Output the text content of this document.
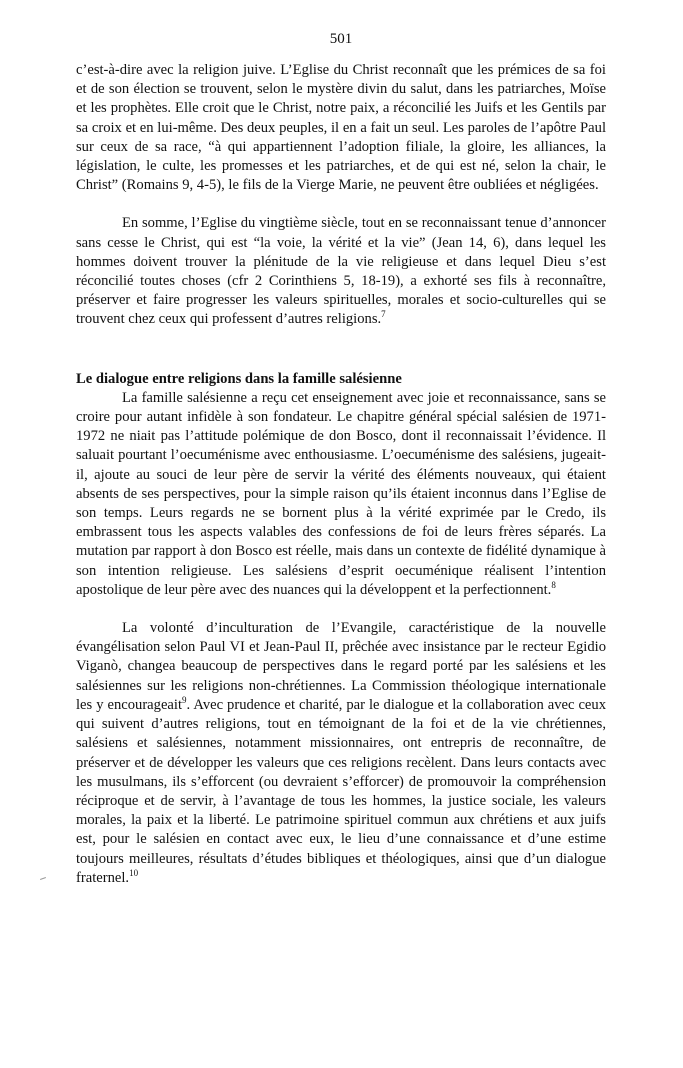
501

c’est-à-dire avec la religion juive. L’Eglise du Christ reconnaît que les prémices de sa foi et de son élection se trouvent, selon le mystère divin du salut, dans les patriarches, Moïse et les prophètes. Elle croit que le Christ, notre paix, a réconcilié les Juifs et les Gentils par sa croix et en lui-même. Des deux peuples, il en a fait un seul. Les paroles de l’apôtre Paul sur ceux de sa race, “à qui appartiennent l’adoption filiale, la gloire, les alliances, la législation, le culte, les promesses et les patriarches, et de qui est né, selon la chair, le Christ” (Romains 9, 4-5), le fils de la Vierge Marie, ne peuvent être oubliées et négligées.

En somme, l’Eglise du vingtième siècle, tout en se reconnaissant tenue d’annoncer sans cesse le Christ, qui est “la voie, la vérité et la vie” (Jean 14, 6), dans lequel les hommes doivent trouver la plénitude de la vie religieuse et dans lequel Dieu s’est réconcilié toutes choses (cfr 2 Corinthiens 5, 18-19), a exhorté ses fils à reconnaître, préserver et faire progresser les valeurs spirituelles, morales et socio-culturelles qui se trouvent chez ceux qui professent d’autres religions.$^7$

Le dialogue entre religions dans la famille salésienne

La famille salésienne a reçu cet enseignement avec joie et reconnaissance, sans se croire pour autant infidèle à son fondateur. Le chapitre général spécial salésien de 1971-1972 ne niait pas l’attitude polémique de don Bosco, dont il reconnaissait l’évidence. Il saluait pourtant l’oecuménisme avec enthousiasme. L’oecuménisme des salésiens, jugeait-il, ajoute au souci de leur père de servir la vérité des éléments nouveaux, qui étaient absents de ses perspectives, pour la simple raison qu’ils étaient inconnus dans l’Eglise de son temps. Leurs regards ne se bornent plus à la vérité exprimée par le Credo, ils embrassent tous les aspects valables des confessions de foi de leurs frères séparés. La mutation par rapport à don Bosco est réelle, mais dans un contexte de fidélité dynamique à son intention religieuse. Les salésiens d’esprit oecuménique réalisent l’intention apostolique de leur père avec des nuances qui la développent et la perfectionnent.$^8$

La volonté d’inculturation de l’Evangile, caractéristique de la nouvelle évangélisation selon Paul VI et Jean-Paul II, prêchée avec insistance par le recteur Egidio Viganò, changea beaucoup de perspectives dans le regard porté par les salésiens et les salésiennes sur les religions non-chrétiennes. La Commission théologique internationale les y encourageait$^9$. Avec prudence et charité, par le dialogue et la collaboration avec ceux qui suivent d’autres religions, tout en témoignant de la foi et de la vie chrétiennes, salésiens et salésiennes, notamment missionnaires, ont entrepris de reconnaître, de préserver et de développer les valeurs que ces religions recèlent. Dans leurs contacts avec les musulmans, ils s’efforcent (ou devraient s’efforcer) de promouvoir la compréhension réciproque et de servir, à l’avantage de tous les hommes, la justice sociale, les valeurs morales, la paix et la liberté. Le patrimoine spirituel commun aux chrétiens et aux juifs est, pour le salésien en contact avec eux, le lieu d’une connaissance et d’une estime toujours meilleures, résultats d’études bibliques et théologiques, ainsi que d’un dialogue fraternel.$^{10}$
